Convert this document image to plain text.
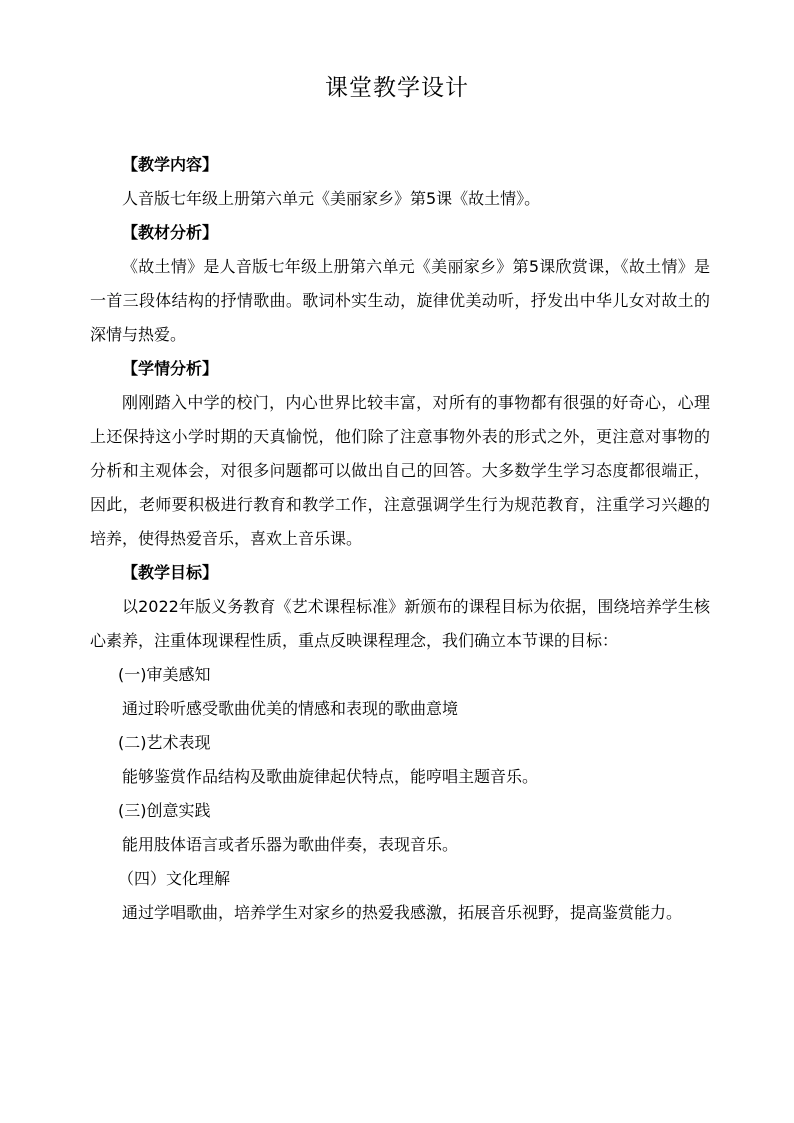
课堂教学设计
【教学内容】
人音版七年级上册第六单元《美丽家乡》第5课《故土情》。
【教材分析】
《故土情》是人音版七年级上册第六单元《美丽家乡》第5课欣赏课，《故土情》是一首三段体结构的抒情歌曲。歌词朴实生动，旋律优美动听，抒发出中华儿女对故土的深情与热爱。
【学情分析】
刚刚踏入中学的校门，内心世界比较丰富，对所有的事物都有很强的好奇心，心理上还保持这小学时期的天真愉悦，他们除了注意事物外表的形式之外，更注意对事物的分析和主观体会，对很多问题都可以做出自己的回答。大多数学生学习态度都很端正，因此，老师要积极进行教育和教学工作，注意强调学生行为规范教育，注重学习兴趣的培养，使得热爱音乐，喜欢上音乐课。
【教学目标】
以2022年版义务教育《艺术课程标准》新颁布的课程目标为依据，围绕培养学生核心素养，注重体现课程性质，重点反映课程理念，我们确立本节课的目标：
(一)审美感知
通过聆听感受歌曲优美的情感和表现的歌曲意境
(二)艺术表现
能够鉴赏作品结构及歌曲旋律起伏特点，能哼唱主题音乐。
(三)创意实践
能用肢体语言或者乐器为歌曲伴奏，表现音乐。
（四）文化理解
通过学唱歌曲，培养学生对家乡的热爱我感激，拓展音乐视野，提高鉴赏能力。
